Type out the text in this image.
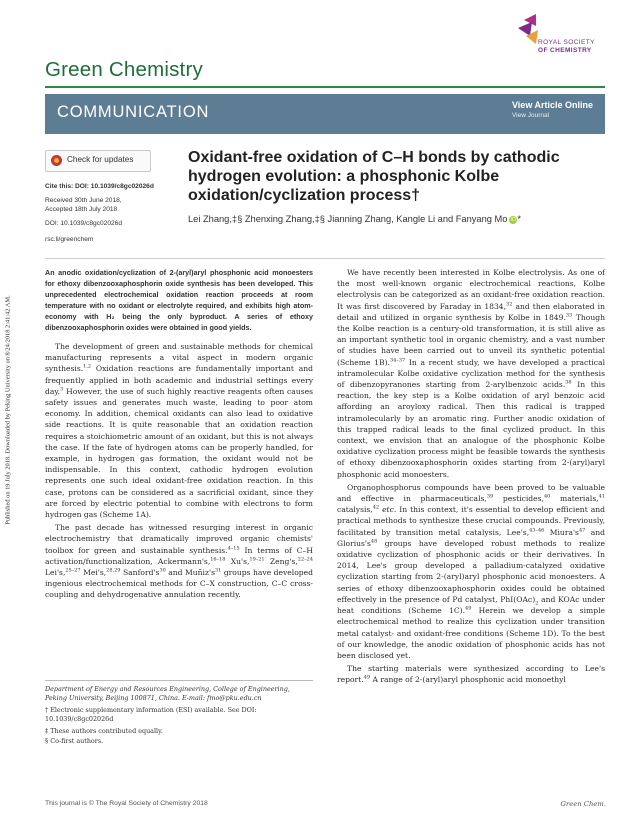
Published on 19 July 2018. Downloaded by Peking University on 8/24/2018 2:41:42 AM.
ROYAL SOCIETY
OF CHEMISTRY
Green Chemistry
COMMUNICATION	View Article Online
View Journal
Check for updates
Cite this: DOI: 10.1039/c8gc02026d
Received 30th June 2018,
Accepted 18th July 2018
DOI: 10.1039/c8gc02026d
rsc.li/greenchem
Oxidant-free oxidation of C–H bonds by cathodic hydrogen evolution: a phosphonic Kolbe oxidation/cyclization process†
Lei Zhang,‡§ Zhenxing Zhang,‡§ Jianning Zhang, Kangle Li and Fanyang Mo iD *
An anodic oxidation/cyclization of 2-(aryl)aryl phosphonic acid monoesters for ethoxy dibenzooxaphosphorin oxide synthesis has been developed. This unprecedented electrochemical oxidation reaction proceeds at room temperature with no oxidant or electrolyte required, and exhibits high atom-economy with H₂ being the only byproduct. A series of ethoxy dibenzooxaphosphorin oxides were obtained in good yields.

The development of green and sustainable methods for chemical manufacturing represents a vital aspect in modern organic synthesis.$^{1,2}$ Oxidation reactions are fundamentally important and frequently applied in both academic and industrial settings every day.$^3$ However, the use of such highly reactive reagents often causes safety issues and generates much waste, leading to poor atom economy. In addition, chemical oxidants can also lead to oxidative side reactions. It is quite reasonable that an oxidation reaction requires a stoichiometric amount of an oxidant, but this is not always the case. If the fate of hydrogen atoms can be properly handled, for example, in hydrogen gas formation, the oxidant would not be indispensable. In this context, cathodic hydrogen evolution represents one such ideal oxidant-free oxidation reaction. In this case, protons can be considered as a sacrificial oxidant, since they are forced by electric potential to combine with electrons to form hydrogen gas (Scheme 1A).

The past decade has witnessed resurging interest in organic electrochemistry that dramatically improved organic chemists' toolbox for green and sustainable synthesis.$^{4-15}$ In terms of C–H activation/functionalization, Ackermann's,$^{16-18}$ Xu's,$^{19-21}$ Zeng's,$^{22-24}$ Lei's,$^{25-27}$ Mei's,$^{28,29}$ $Sanford's^{30}$ and $Muñiz's^{31}$ groups have developed ingenious electrochemical methods for C–X construction, C–C cross-coupling and dehydrogenative annulation recently.

Department of Energy and Resources Engineering, College of Engineering, Peking University, Beijing 100871, China. E-mail: fmo@pku.edu.cn
† Electronic supplementary information (ESI) available. See DOI: 10.1039/c8gc02026d
‡ These authors contributed equally.
§ Co-first authors.

We have recently been interested in Kolbe electrolysis. As one of the most well-known organic electrochemical reactions, Kolbe electrolysis can be categorized as an oxidant-free oxidation reaction. It was first discovered by Faraday in 1834,32 and then elaborated in detail and utilized in organic synthesis by Kolbe in 1849.33 Though the Kolbe reaction is a century-old transformation, it is still alive as an important synthetic tool in organic chemistry, and a vast number of studies have been carried out to unveil its synthetic potential (Scheme 1B).$^{34-37}$ In a recent study, we have developed a practical intramolecular Kolbe oxidative cyclization method for the synthesis of dibenzopyranones starting from 2-arylbenzoic acids.$^{38}$ In this reaction, the key step is a Kolbe oxidation of aryl benzoic acid affording an aroyloxy radical. Then this radical is trapped intramolecularly by an aromatic ring. Further anodic oxidation of this trapped radical leads to the final cyclized product. In this context, we envision that an analogue of the phosphonic Kolbe oxidative cyclization process might be feasible towards the synthesis of ethoxy dibenzooxaphosphorin oxides starting from 2-(aryl)aryl phosphonic acid monoesters.

Organophosphorus compounds have been proved to be valuable and effective in pharmaceuticals,$^{39}$ pesticides,$^{40}$ materials,$^{41}$ catalysis,$^{42}$ etc. In this context, it's essential to develop efficient and practical methods to synthesize these crucial compounds. Previously, facilitated by transition metal catalysis, Lee's,$^{43-46}$ $Miura's^{47}$ and $Glorius's^{48}$ groups have developed robust methods to realize oxidative cyclization of phosphonic acids or their derivatives. In 2014, Lee's group developed a palladium-catalyzed oxidative cyclization starting from 2-(aryl)aryl phosphonic acid monoesters. A series of ethoxy dibenzooxaphosphorin oxides could be obtained effectively in the presence of Pd catalyst, $PhI(OAc)_2$ and KOAc under heat conditions (Scheme 1C).$^{49}$ Herein we develop a simple electrochemical method to realize this cyclization under transition metal catalyst- and oxidant-free conditions (Scheme 1D). To the best of our knowledge, the anodic oxidation of phosphonic acids has not been disclosed yet.

The starting materials were synthesized according to Lee's report.$^{49}$ A range of 2-(aryl)aryl phosphonic acid monoethyl

This journal is © The Royal Society of Chemistry 2018	Green Chem.
